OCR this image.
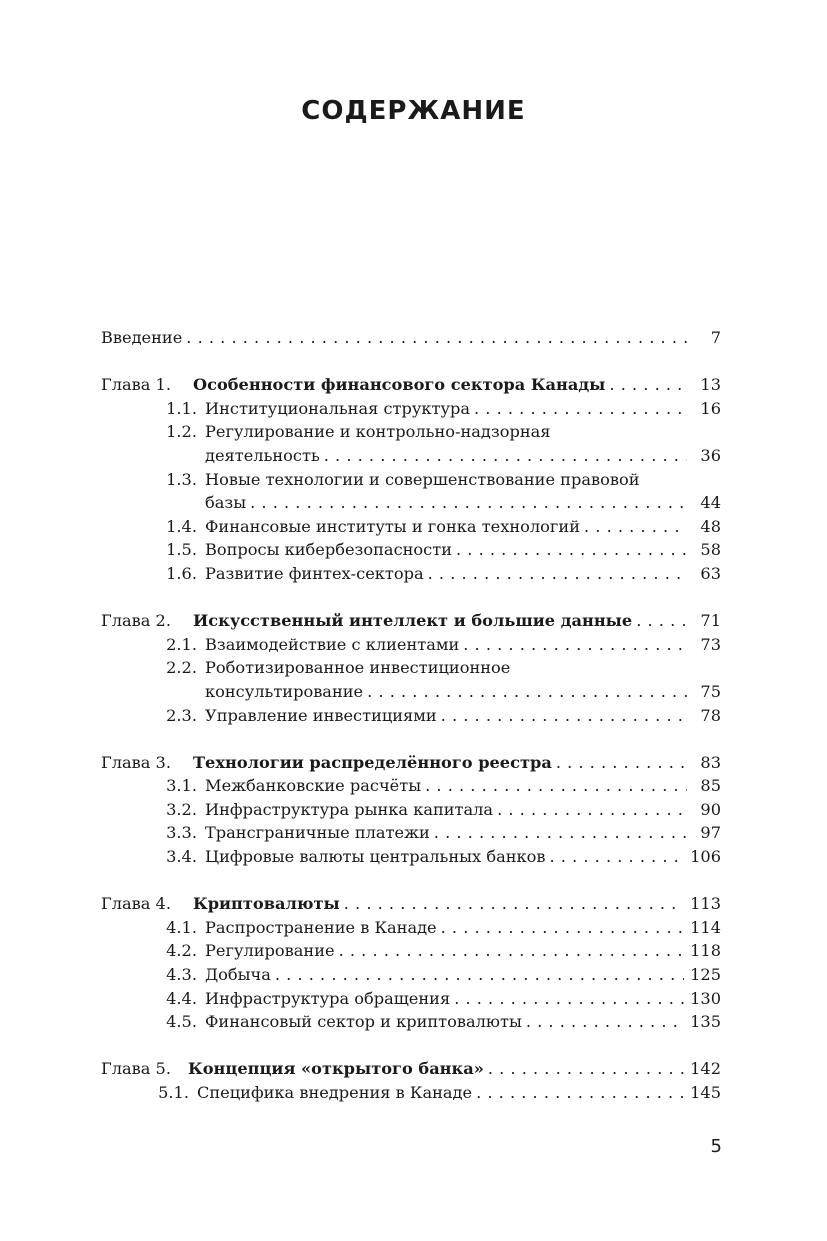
СОДЕРЖАНИЕ
Введение . . .	7
Глава 1.	Особенности финансового сектора Канады . . .	13
1.1. Институциональная структура . . .	16
1.2. Регулирование и контрольно-надзорная
деятельность . . .	36
1.3. Новые технологии и совершенствование правовой
базы . . .	44
1.4. Финансовые институты и гонка технологий . . .	48
1.5. Вопросы кибербезопасности . . .	58
1.6. Развитие финтех-сектора . . .	63
Глава 2.	Искусственный интеллект и большие данные . . .	71
2.1. Взаимодействие с клиентами . . .	73
2.2. Роботизированное инвестиционное
консультирование . . .	75
2.3. Управление инвестициями . . .	78
Глава 3.	Технологии распределённого реестра . . .	83
3.1. Межбанковские расчёты . . .	85
3.2. Инфраструктура рынка капитала . . .	90
3.3. Трансграничные платежи . . .	97
3.4. Цифровые валюты центральных банков . . .	106
Глава 4.	Криптовалюты . . .	113
4.1. Распространение в Канаде . . .	114
4.2. Регулирование . . .	118
4.3. Добыча . . .	125
4.4. Инфраструктура обращения . . .	130
4.5. Финансовый сектор и криптовалюты . . .	135
Глава 5.	Концепция «открытого банка» . . .	142
5.1. Специфика внедрения в Канаде . . .	145
5
